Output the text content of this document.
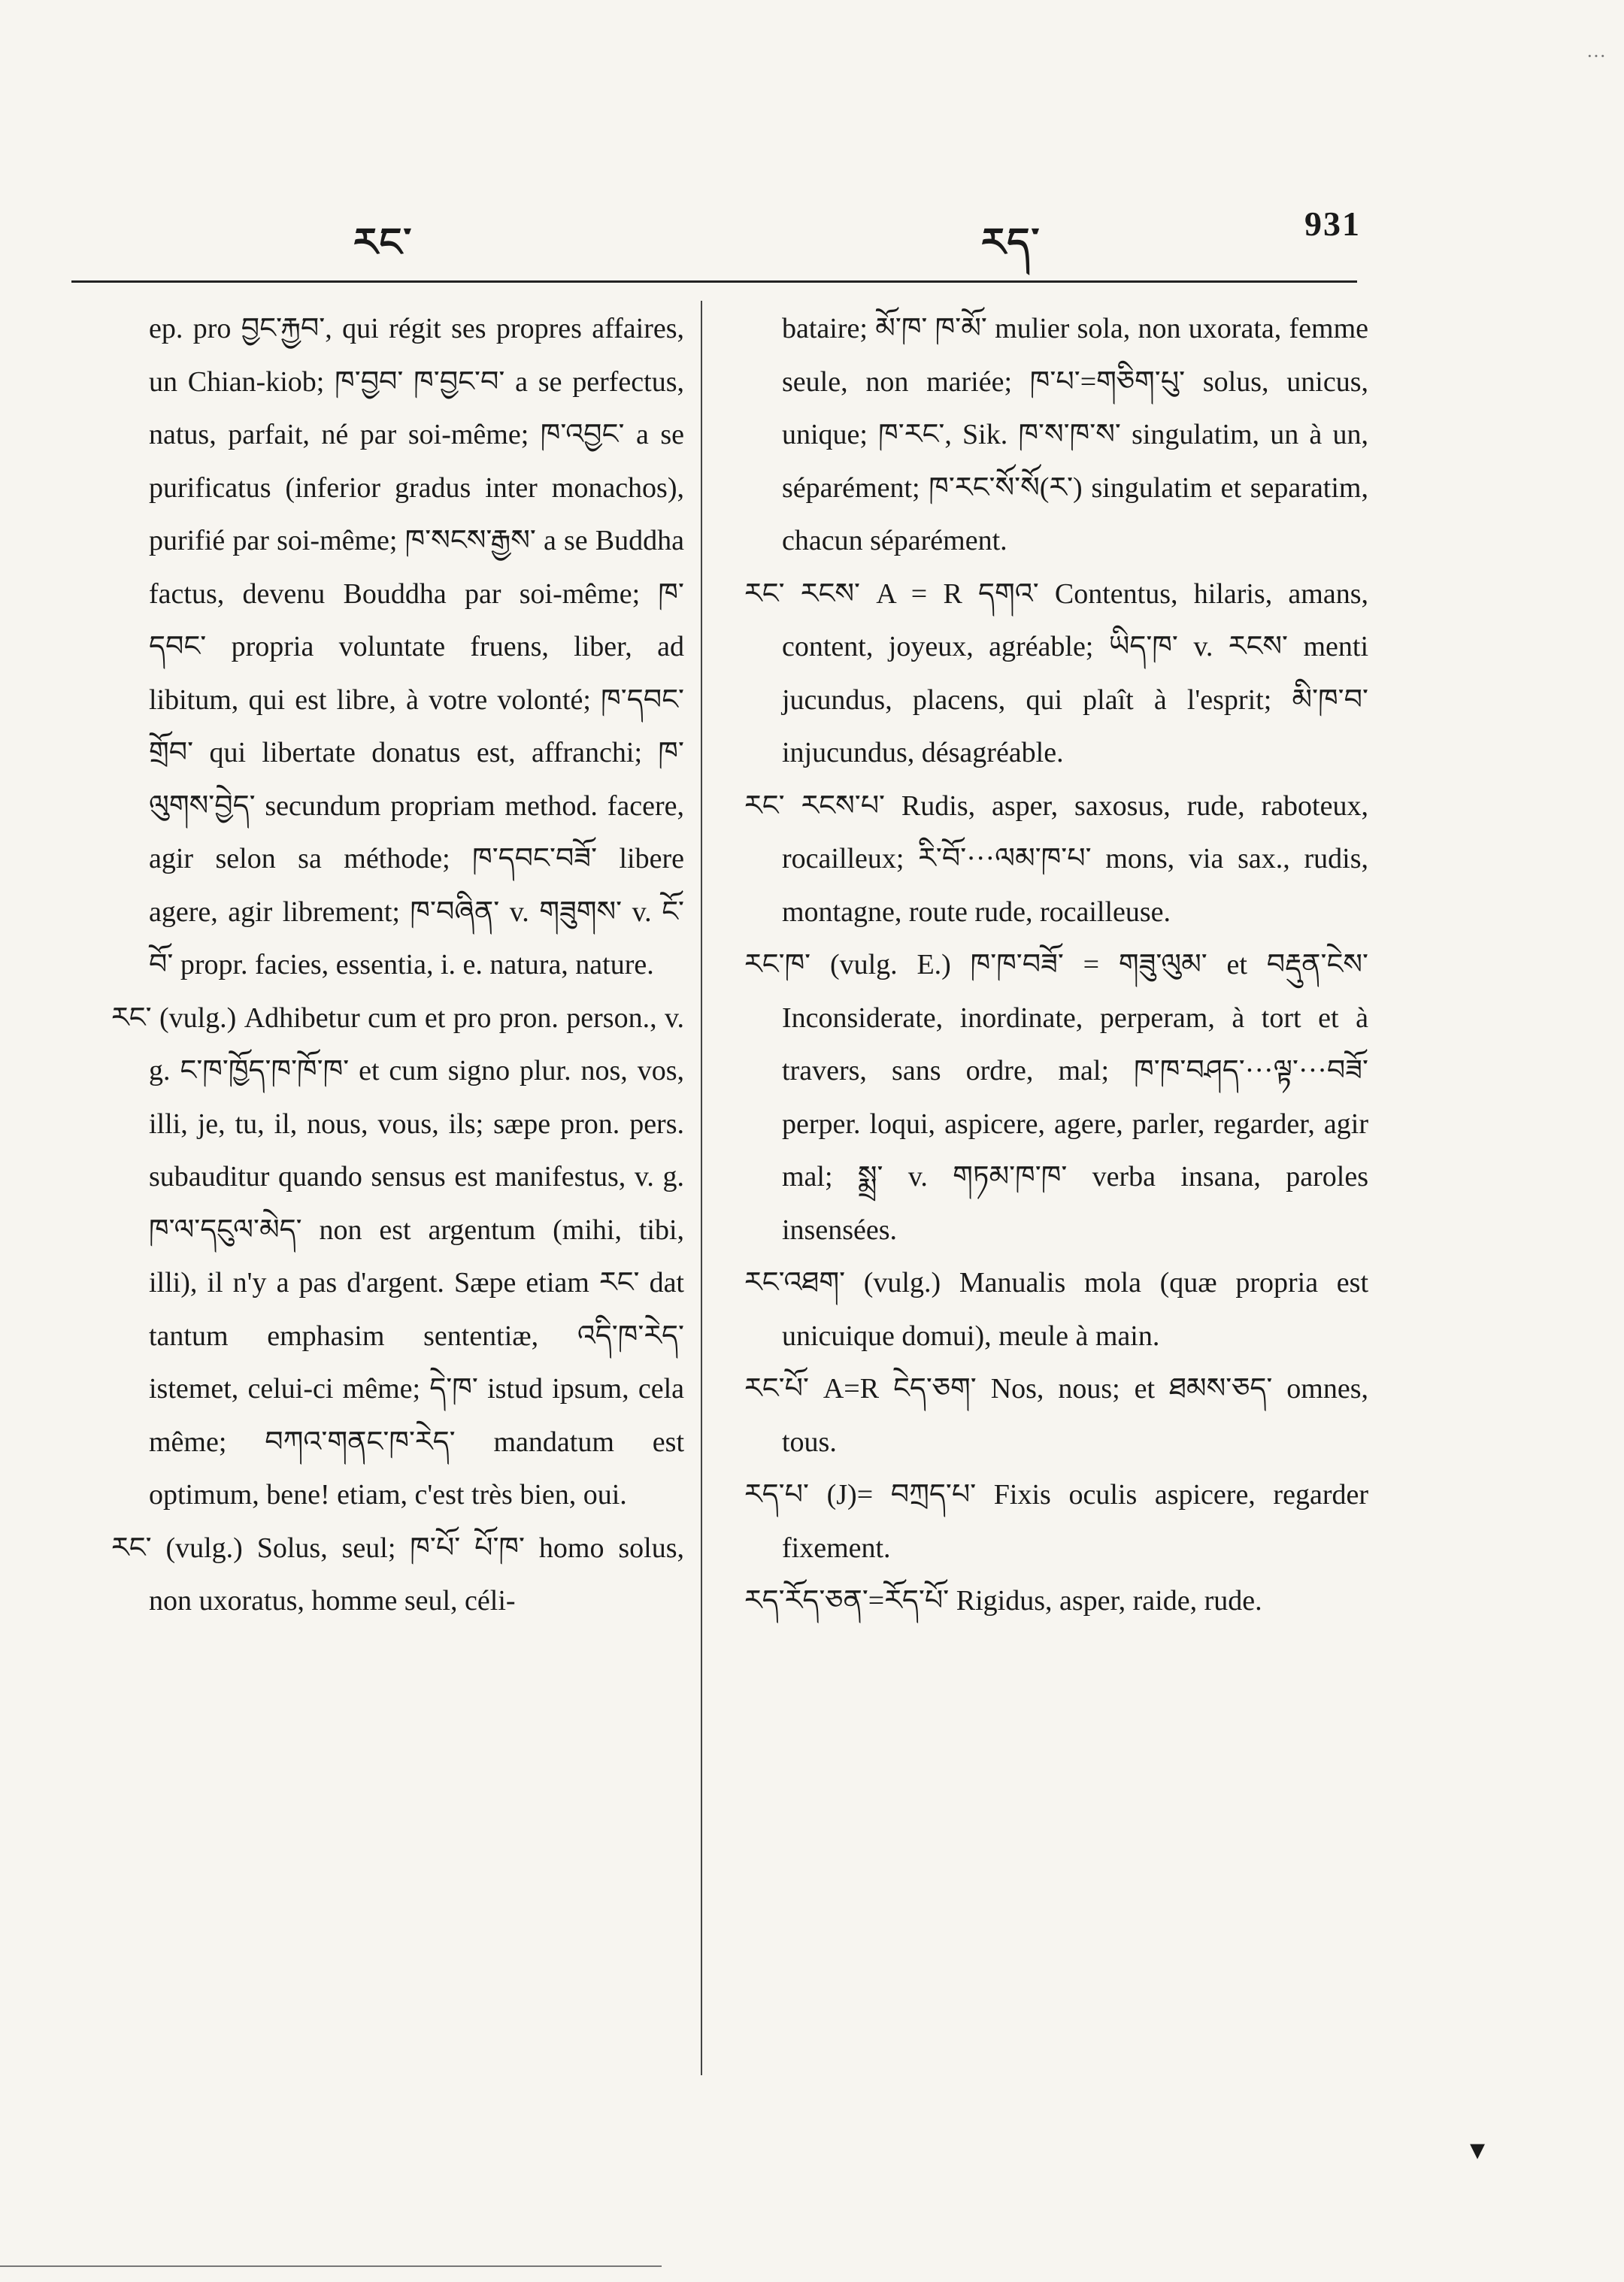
···
རང་	རད་	931

ep. pro བྱང་རྐྱབ་, qui régit ses propres affaires, un Chian-kiob; ཁ་བྱབ་ ཁ་བྱང་བ་ a se perfectus, natus, parfait, né par soi-même; ཁ་འབྱང་ a se purificatus (inferior gradus inter monachos), purifié par soi-même; ཁ་སངས་རྒྱས་ a se Buddha factus, devenu Bouddha par soi-même; ཁ་དབང་ propria voluntate fruens, liber, ad libitum, qui est libre, à votre volonté; ཁ་དབང་གྲོབ་ qui libertate donatus est, affranchi; ཁ་ལུགས་བྱེད་ secundum propriam method. facere, agir selon sa méthode; ཁ་དབང་བཟོ་ libere agere, agir librement; ཁ་བཞིན་ v. གཟུགས་ v. ངོ་བོ་ propr. facies, essentia, i. e. natura, nature.

རང་ (vulg.) Adhibetur cum et pro pron. person., v. g. ང་ཁ་ཁྱོད་ཁ་ཁོ་ཁ་ et cum signo plur. nos, vos, illi, je, tu, il, nous, vous, ils; sæpe pron. pers. subauditur quando sensus est manifestus, v. g. ཁ་ལ་དངུལ་མེད་ non est argentum (mihi, tibi, illi), il n'y a pas d'argent. Sæpe etiam རང་ dat tantum emphasim sententiæ, འདི་ཁ་རེད་ istemet, celui-ci même; དེ་ཁ་ istud ipsum, cela même; བཀའ་གནང་ཁ་རེད་ mandatum est optimum, bene! etiam, c'est très bien, oui.

རང་ (vulg.) Solus, seul; ཁ་པོ་ པོ་ཁ་ homo solus, non uxoratus, homme seul, céli-

bataire; མོ་ཁ་ ཁ་མོ་ mulier sola, non uxorata, femme seule, non mariée; ཁ་པ་=གཅིག་པུ་ solus, unicus, unique; ཁ་རང་, Sik. ཁ་ས་ཁ་ས་ singulatim, un à un, séparément; ཁ་རང་སོ་སོ(ར་) singulatim et separatim, chacun séparément.

རང་ རངས་ A = R དགའ་ Contentus, hilaris, amans, content, joyeux, agréable; ཡིད་ཁ་ v. རངས་ menti jucundus, placens, qui plaît à l'esprit; མི་ཁ་བ་ injucundus, désagréable.

རང་ རངས་པ་ Rudis, asper, saxosus, rude, raboteux, rocailleux; རི་བོ་···ལམ་ཁ་པ་ mons, via sax., rudis, montagne, route rude, rocailleuse.

རང་ཁ་ (vulg. E.) ཁ་ཁ་བཟོ་ = གཟུ་ལུམ་ et བརྡུན་ངེས་ Inconsiderate, inordinate, perperam, à tort et à travers, sans ordre, mal; ཁ་ཁ་བཤད་···ལྟ་···བཟོ་ perper. loqui, aspicere, agere, parler, regarder, agir mal; སྨྲ་ v. གཏམ་ཁ་ཁ་ verba insana, paroles insensées.

རང་འཐག་ (vulg.) Manualis mola (quæ propria est unicuique domui), meule à main.

རང་པོ་ A=R ངེད་ཅག་ Nos, nous; et ཐམས་ཅད་ omnes, tous.

རད་པ་ (J)= བཀྲད་པ་ Fixis oculis aspicere, regarder fixement.

རད་རོད་ཅན་=རོད་པོ་ Rigidus, asper, raide, rude.

▾
